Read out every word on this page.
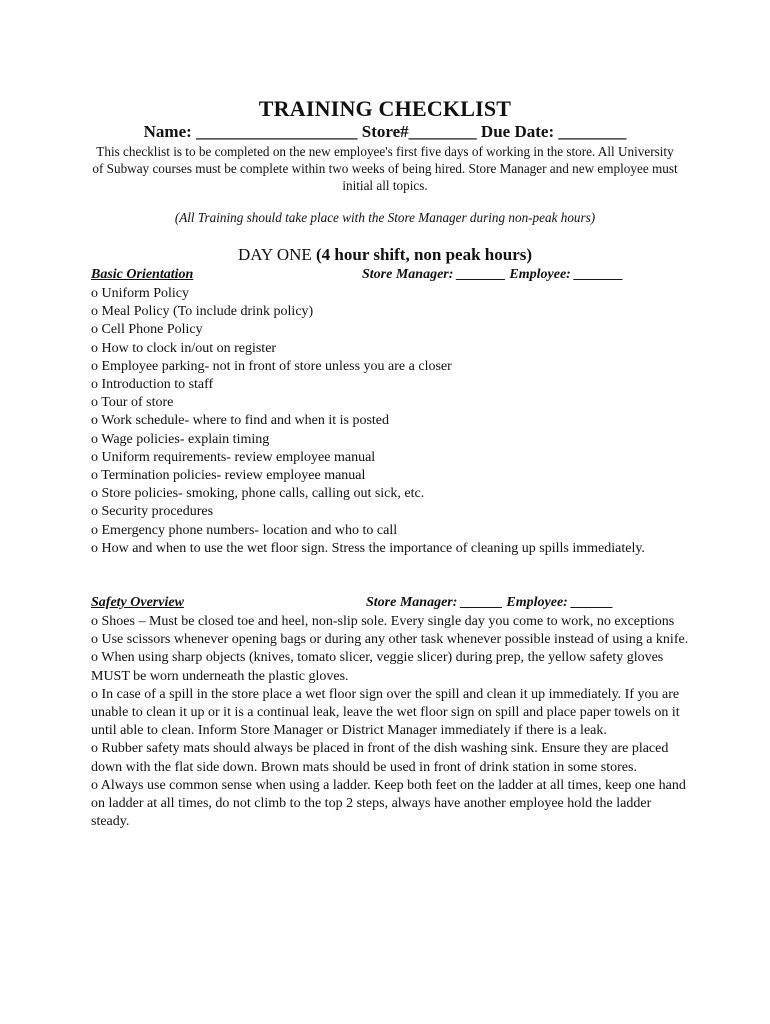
TRAINING CHECKLIST
Name: ___________________ Store#________ Due Date: ________
This checklist is to be completed on the new employee's first five days of working in the store. All University of Subway courses must be complete within two weeks of being hired. Store Manager and new employee must initial all topics.
(All Training should take place with the Store Manager during non-peak hours)
DAY ONE (4 hour shift, non peak hours)
Basic Orientation	Store Manager: _______ Employee: _______
o Uniform Policy
o Meal Policy (To include drink policy)
o Cell Phone Policy
o How to clock in/out on register
o Employee parking- not in front of store unless you are a closer
o Introduction to staff
o Tour of store
o Work schedule- where to find and when it is posted
o Wage policies- explain timing
o Uniform requirements- review employee manual
o Termination policies- review employee manual
o Store policies- smoking, phone calls, calling out sick, etc.
o Security procedures
o Emergency phone numbers- location and who to call
o How and when to use the wet floor sign. Stress the importance of cleaning up spills immediately.
Safety Overview	Store Manager: ______ Employee: ______
o Shoes – Must be closed toe and heel, non-slip sole. Every single day you come to work, no exceptions
o Use scissors whenever opening bags or during any other task whenever possible instead of using a knife.
o When using sharp objects (knives, tomato slicer, veggie slicer) during prep, the yellow safety gloves MUST be worn underneath the plastic gloves.
o In case of a spill in the store place a wet floor sign over the spill and clean it up immediately. If you are unable to clean it up or it is a continual leak, leave the wet floor sign on spill and place paper towels on it until able to clean. Inform Store Manager or District Manager immediately if there is a leak.
o Rubber safety mats should always be placed in front of the dish washing sink. Ensure they are placed down with the flat side down. Brown mats should be used in front of drink station in some stores.
o Always use common sense when using a ladder. Keep both feet on the ladder at all times, keep one hand on ladder at all times, do not climb to the top 2 steps, always have another employee hold the ladder steady.
